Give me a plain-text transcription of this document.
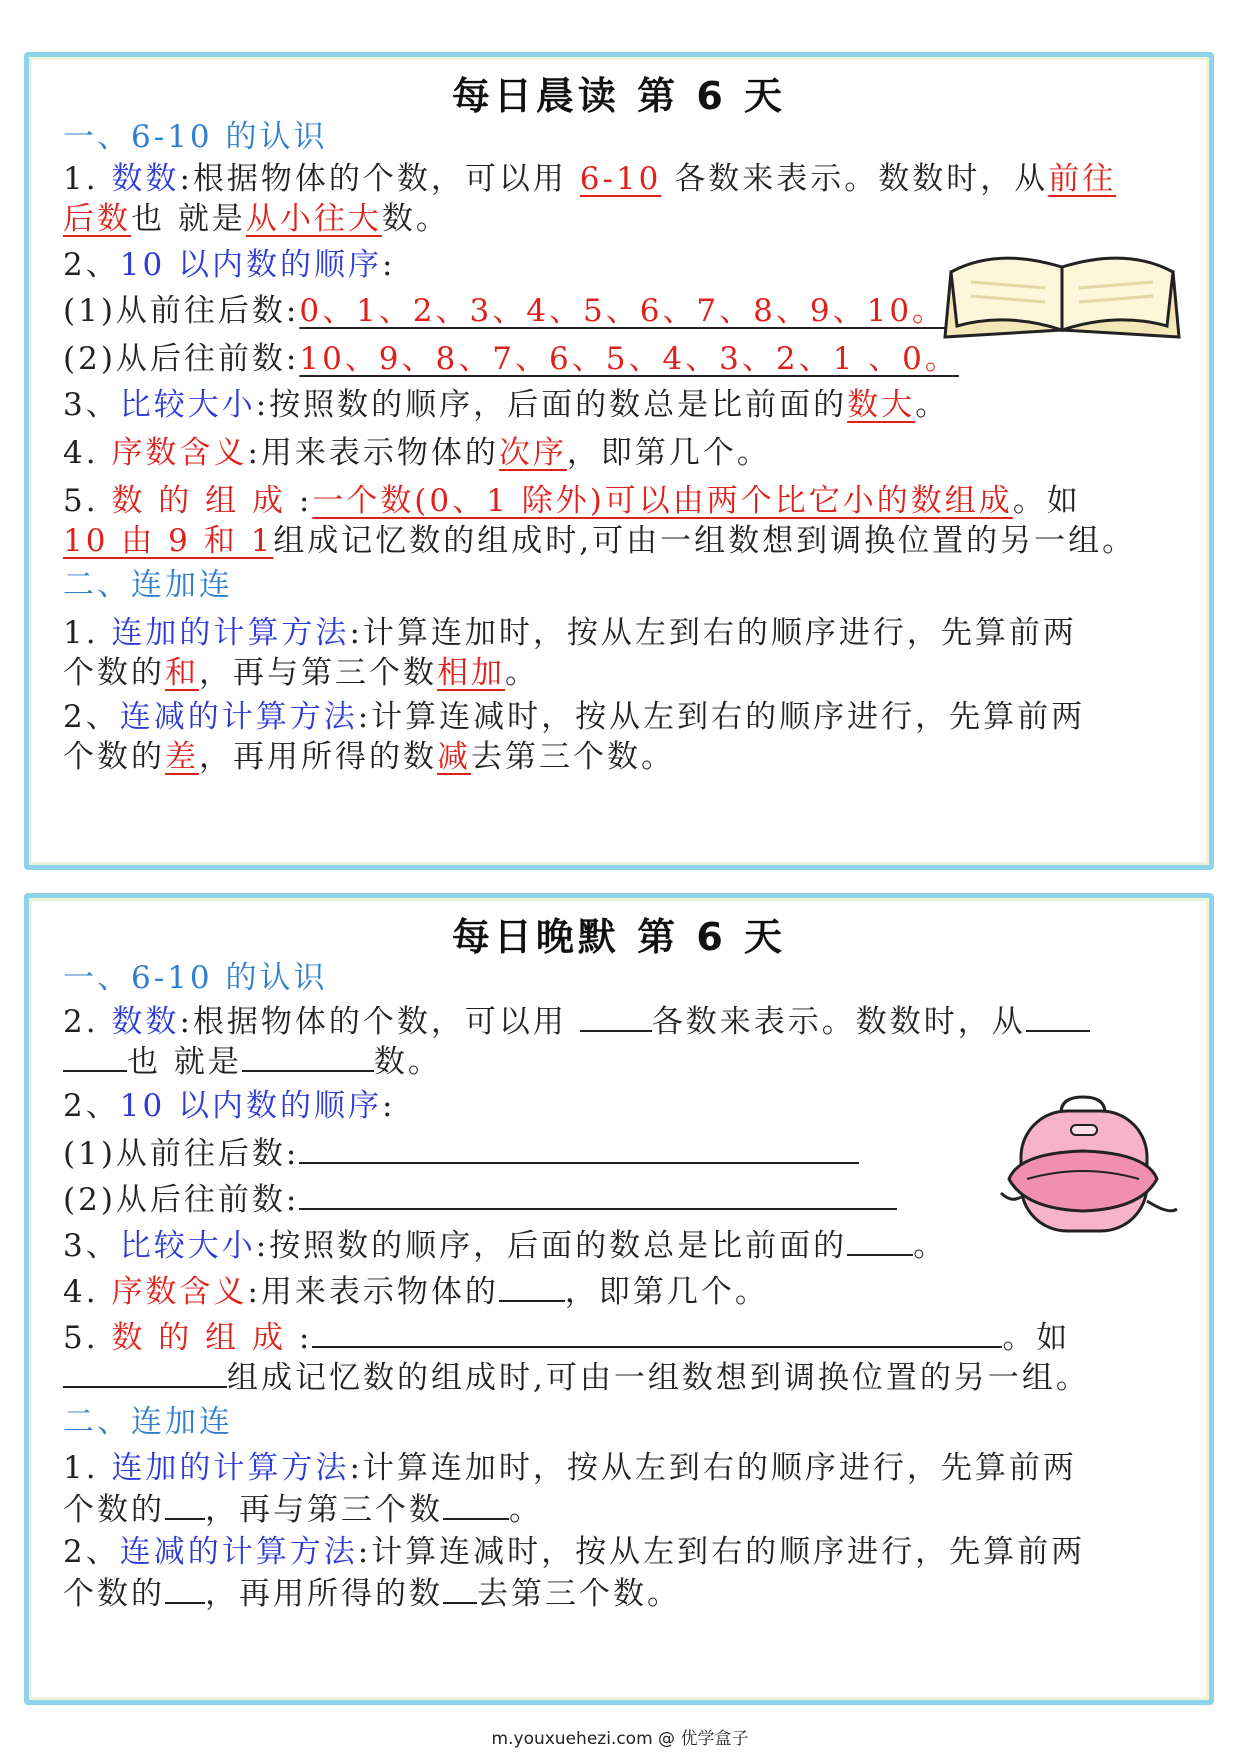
每日晨读 第 6 天
一、6-10 的认识
1. 数数:根据物体的个数，可以用 6-10 各数来表示。数数时，从前往
后数也 就是从小往大数。
2、10 以内数的顺序:
(1)从前往后数:0、1、2、3、4、5、6、7、8、9、10。
(2)从后往前数:10、9、8、7、6、5、4、3、2、1 、0。
3、比较大小:按照数的顺序，后面的数总是比前面的数大。
4. 序数含义:用来表示物体的次序，即第几个。
5. 数 的 组 成 :一个数(0、1 除外)可以由两个比它小的数组成。如
10 由 9 和 1组成记忆数的组成时,可由一组数想到调换位置的另一组。
二、连加连
1. 连加的计算方法:计算连加时，按从左到右的顺序进行，先算前两
个数的和，再与第三个数相加。
2、连减的计算方法:计算连减时，按从左到右的顺序进行，先算前两
个数的差，再用所得的数减去第三个数。
每日晚默 第 6 天
一、6-10 的认识
2. 数数:根据物体的个数，可以用 各数来表示。数数时，从
也 就是	数。
2、10 以内数的顺序:
(1)从前往后数:
(2)从后往前数:
3、比较大小:按照数的顺序，后面的数总是比前面的 。
4. 序数含义:用来表示物体的 ，即第几个。
5. 数 的 组 成 :	。如
组成记忆数的组成时,可由一组数想到调换位置的另一组。
二、连加连
1. 连加的计算方法:计算连加时，按从左到右的顺序进行，先算前两
个数的 ，再与第三个数 。
2、连减的计算方法:计算连减时，按从左到右的顺序进行，先算前两
个数的 ，再用所得的数 去第三个数。
m.youxuehezi.com @ 优学盒子
